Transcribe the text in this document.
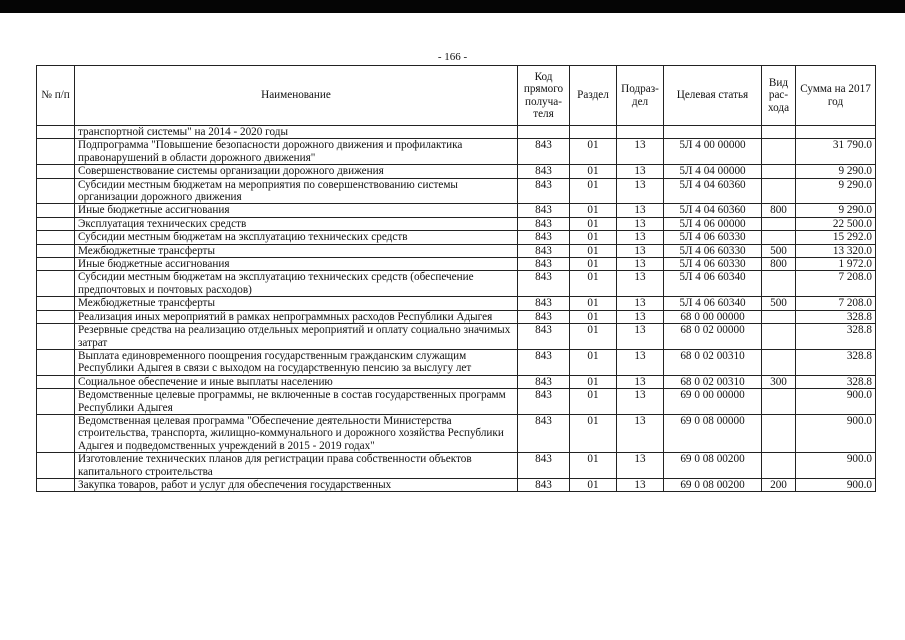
- 166 -
№ п/п	Наименование	Код прямого получа-теля	Раздел	Подраз-дел	Целевая статья	Вид рас-хода	Сумма на 2017 год
	транспортной системы" на 2014 - 2020 годы						
	Подпрограмма "Повышение безопасности дорожного движения и профилактика правонарушений в области дорожного движения"	843	01	13	5Л 4 00 00000		31 790.0
	Совершенствование системы организации дорожного движения	843	01	13	5Л 4 04 00000		9 290.0
	Субсидии местным бюджетам на мероприятия по совершенствованию системы организации дорожного движения	843	01	13	5Л 4 04 60360		9 290.0
	Иные бюджетные ассигнования	843	01	13	5Л 4 04 60360	800	9 290.0
	Эксплуатация технических средств	843	01	13	5Л 4 06 00000		22 500.0
	Субсидии местным бюджетам на эксплуатацию технических средств	843	01	13	5Л 4 06 60330		15 292.0
	Межбюджетные трансферты	843	01	13	5Л 4 06 60330	500	13 320.0
	Иные бюджетные ассигнования	843	01	13	5Л 4 06 60330	800	1 972.0
	Субсидии местным бюджетам на эксплуатацию технических средств (обеспечение предпочтовых и почтовых расходов)	843	01	13	5Л 4 06 60340		7 208.0
	Межбюджетные трансферты	843	01	13	5Л 4 06 60340	500	7 208.0
	Реализация иных мероприятий в рамках непрограммных расходов Республики Адыгея	843	01	13	68 0 00 00000		328.8
	Резервные средства на реализацию отдельных мероприятий и оплату социально значимых затрат	843	01	13	68 0 02 00000		328.8
	Выплата единовременного поощрения государственным гражданским служащим Республики Адыгея в связи с выходом на государственную пенсию за выслугу лет	843	01	13	68 0 02 00310		328.8
	Социальное обеспечение и иные выплаты населению	843	01	13	68 0 02 00310	300	328.8
	Ведомственные целевые программы, не включенные в состав государственных программ Республики Адыгея	843	01	13	69 0 00 00000		900.0
	Ведомственная целевая программа "Обеспечение деятельности Министерства строительства, транспорта, жилищно-коммунального и дорожного хозяйства Республики Адыгея и подведомственных учреждений в 2015 - 2019 годах"	843	01	13	69 0 08 00000		900.0
	Изготовление технических планов для регистрации права собственности объектов капитального строительства	843	01	13	69 0 08 00200		900.0
	Закупка товаров, работ и услуг для обеспечения государственных	843	01	13	69 0 08 00200	200	900.0
